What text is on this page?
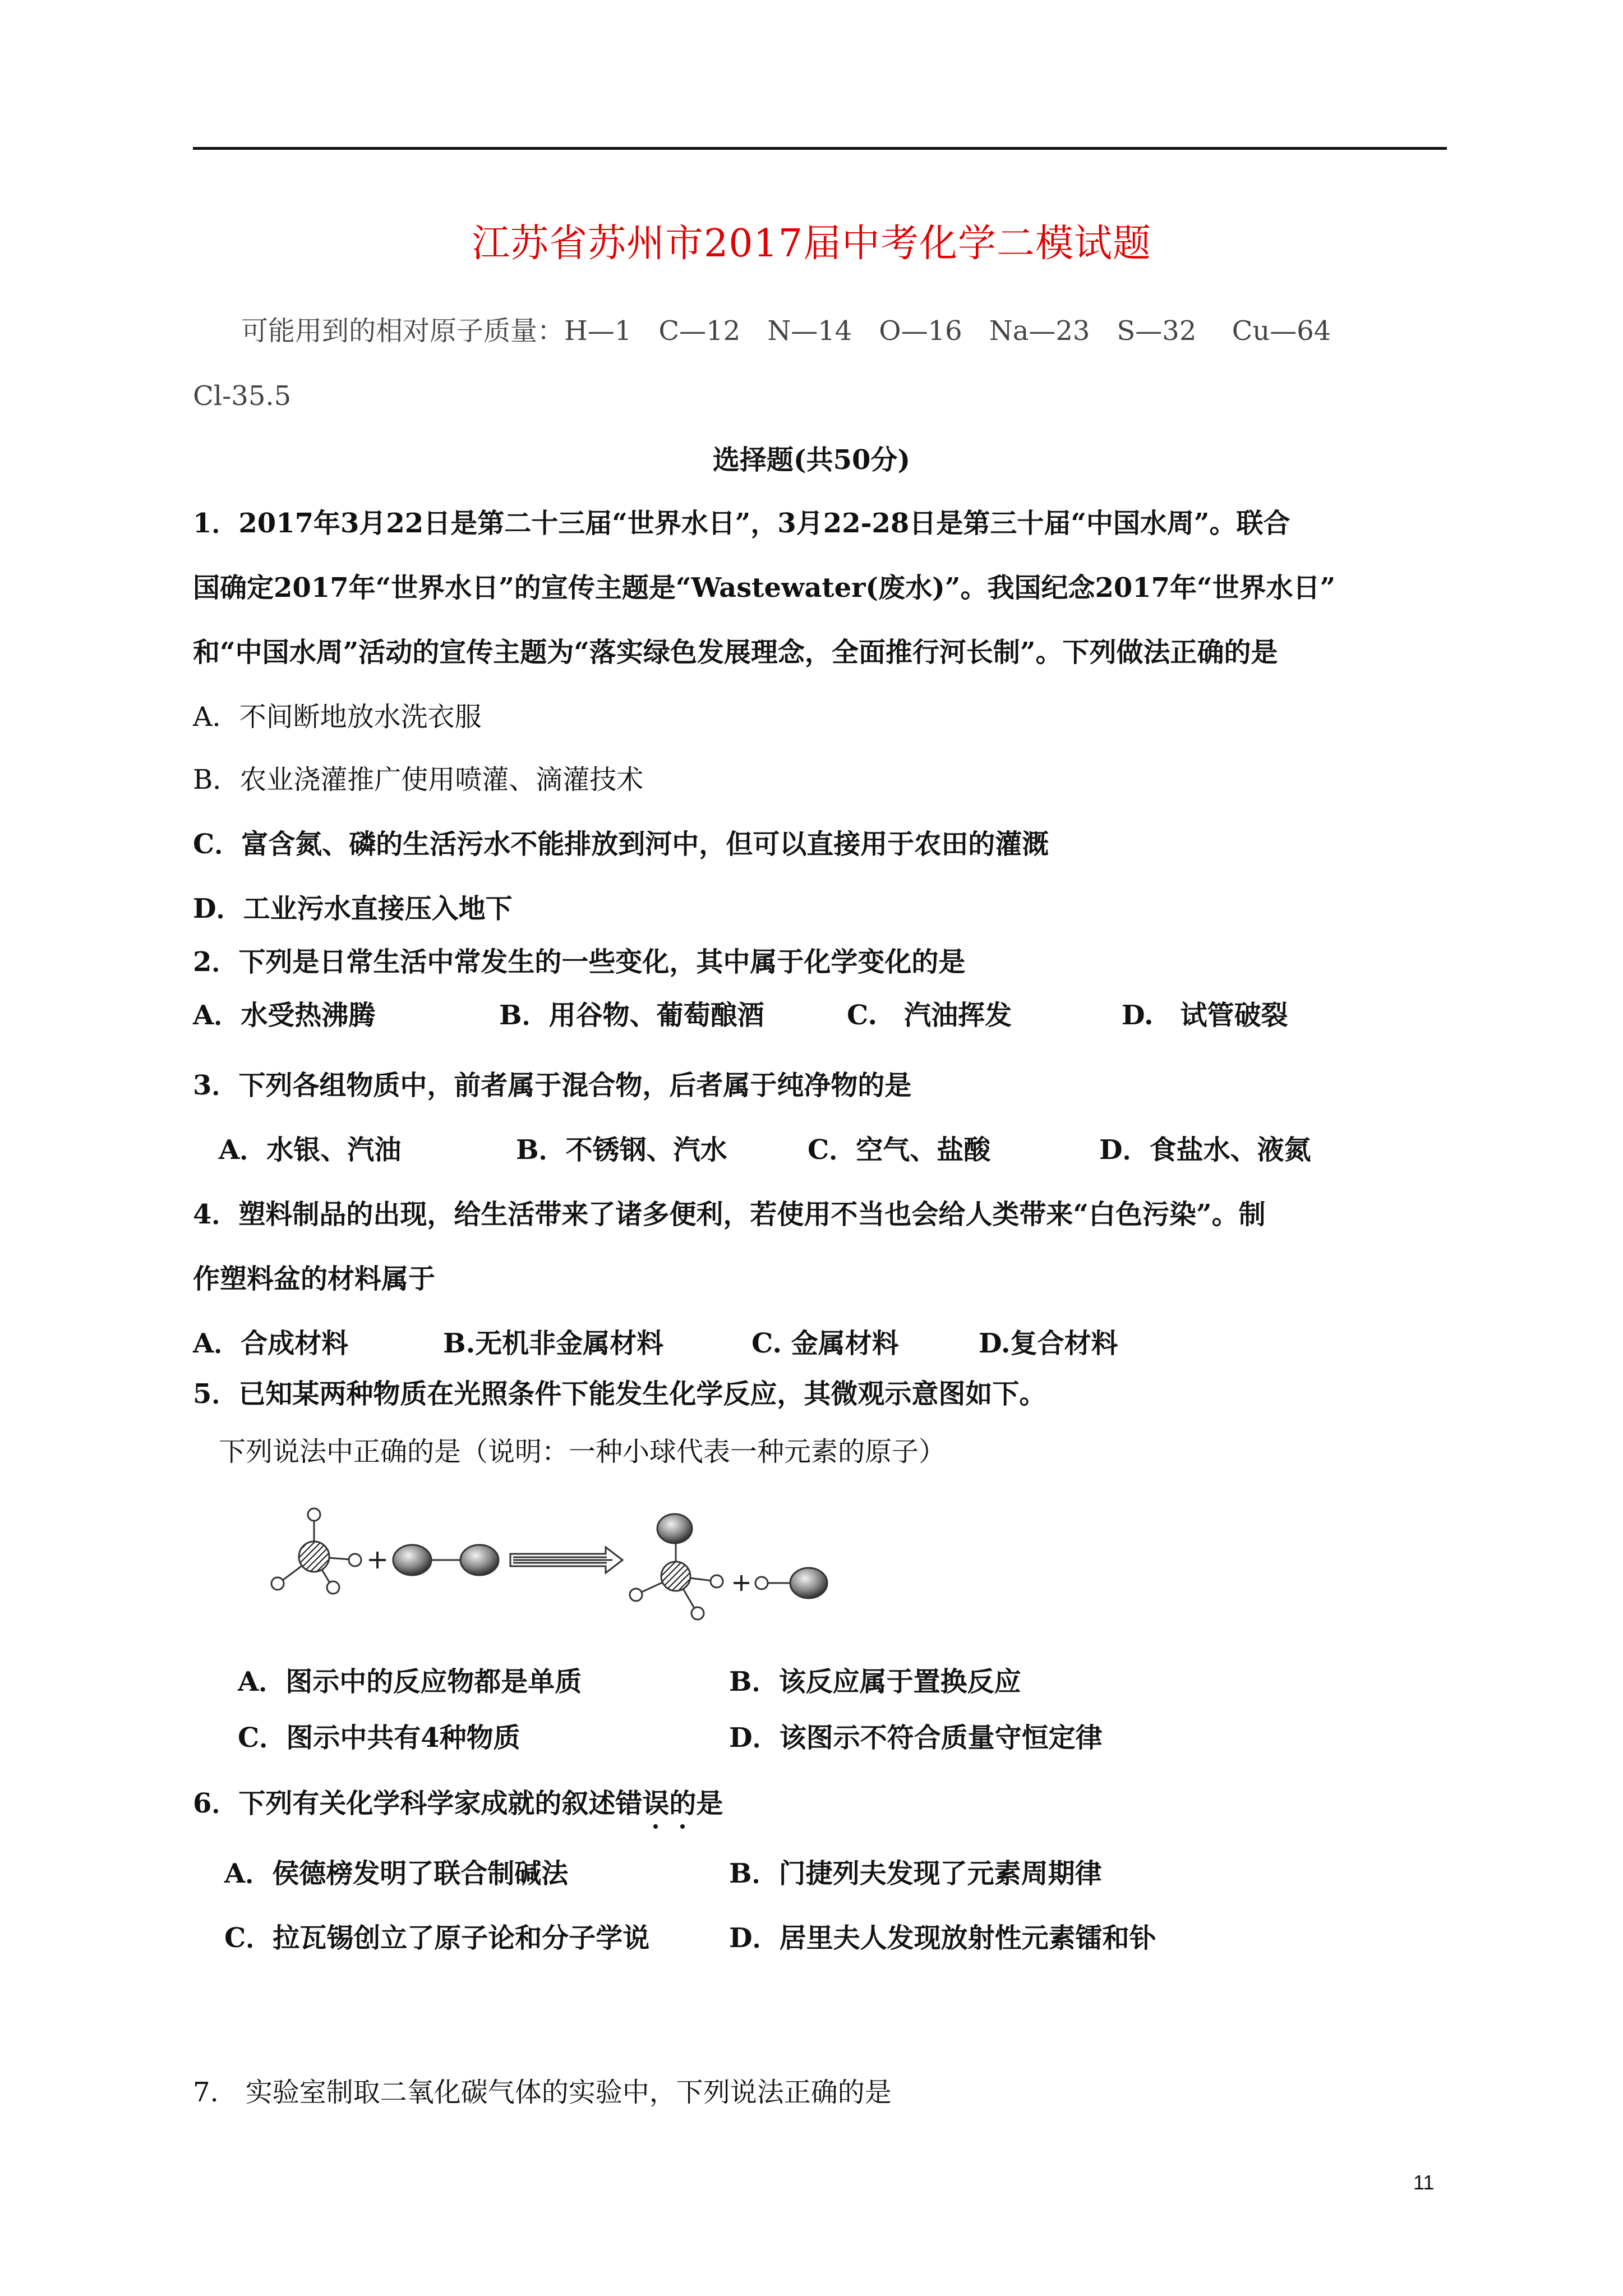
江苏省苏州市2017届中考化学二模试题
可能用到的相对原子质量：H—1　C—12　N—14　O—16　Na—23　S—32　 Cu—64
Cl-35.5
选择题(共50分)
1．2017年3月22日是第二十三届“世界水日”，3月22-28日是第三十届“中国水周”。联合
国确定2017年“世界水日”的宣传主题是“Wastewater(废水)”。我国纪念2017年“世界水日”
和“中国水周”活动的宣传主题为“落实绿色发展理念，全面推行河长制”。下列做法正确的是
A．不间断地放水洗衣服
B．农业浇灌推广使用喷灌、滴灌技术
C．富含氮、磷的生活污水不能排放到河中，但可以直接用于农田的灌溉
D．工业污水直接压入地下
2．下列是日常生活中常发生的一些变化，其中属于化学变化的是
A．水受热沸腾	B．用谷物、葡萄酿酒	C.　汽油挥发	D.　试管破裂
3．下列各组物质中，前者属于混合物，后者属于纯净物的是
A．水银、汽油	B．不锈钢、汽水	C．空气、盐酸	D．食盐水、液氮
4．塑料制品的出现，给生活带来了诸多便利，若使用不当也会给人类带来“白色污染”。制
作塑料盆的材料属于
A．合成材料	B.无机非金属材料	C. 金属材料	D.复合材料
5．已知某两种物质在光照条件下能发生化学反应，其微观示意图如下。
下列说法中正确的是（说明：一种小球代表一种元素的原子）
A．图示中的反应物都是单质	B．该反应属于置换反应
C．图示中共有4种物质	D．该图示不符合质量守恒定律
6．下列有关化学科学家成就的叙述错误的是
A．侯德榜发明了联合制碱法	B．门捷列夫发现了元素周期律
C．拉瓦锡创立了原子论和分子学说	D．居里夫人发现放射性元素镭和钋
7.　实验室制取二氧化碳气体的实验中，下列说法正确的是
11
